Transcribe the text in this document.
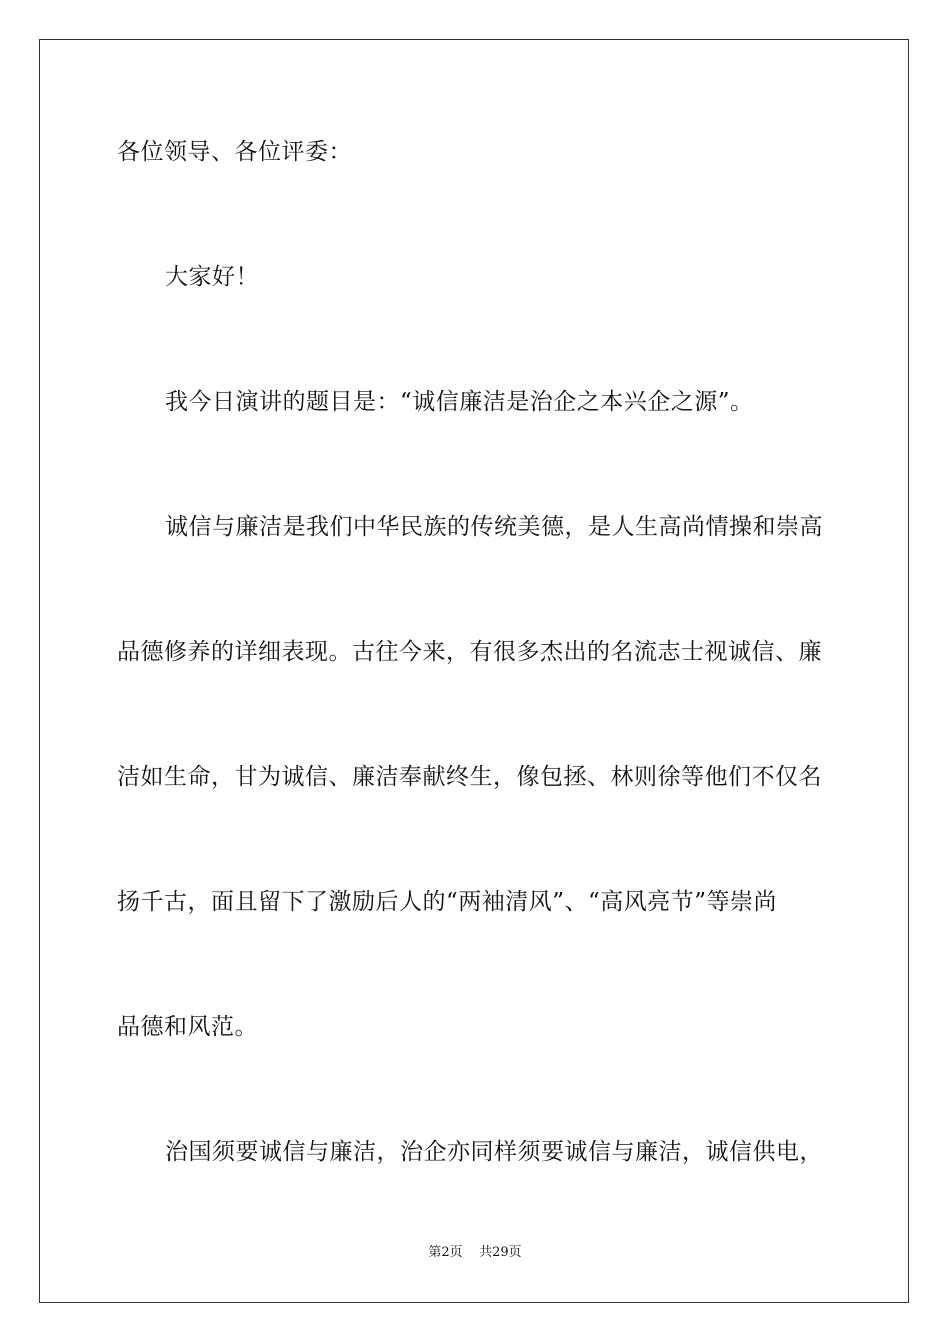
各位领导、各位评委：
大家好！
我今日演讲的题目是：“诚信廉洁是治企之本兴企之源”。
诚信与廉洁是我们中华民族的传统美德，是人生高尚情操和崇高
品德修养的详细表现。古往今来，有很多杰出的名流志士视诚信、廉
洁如生命，甘为诚信、廉洁奉献终生，像包拯、林则徐等他们不仅名
扬千古，面且留下了激励后人的“两袖清风”、“高风亮节”等崇尚
品德和风范。
治国须要诚信与廉洁，治企亦同样须要诚信与廉洁，诚信供电，
第2页 共29页
